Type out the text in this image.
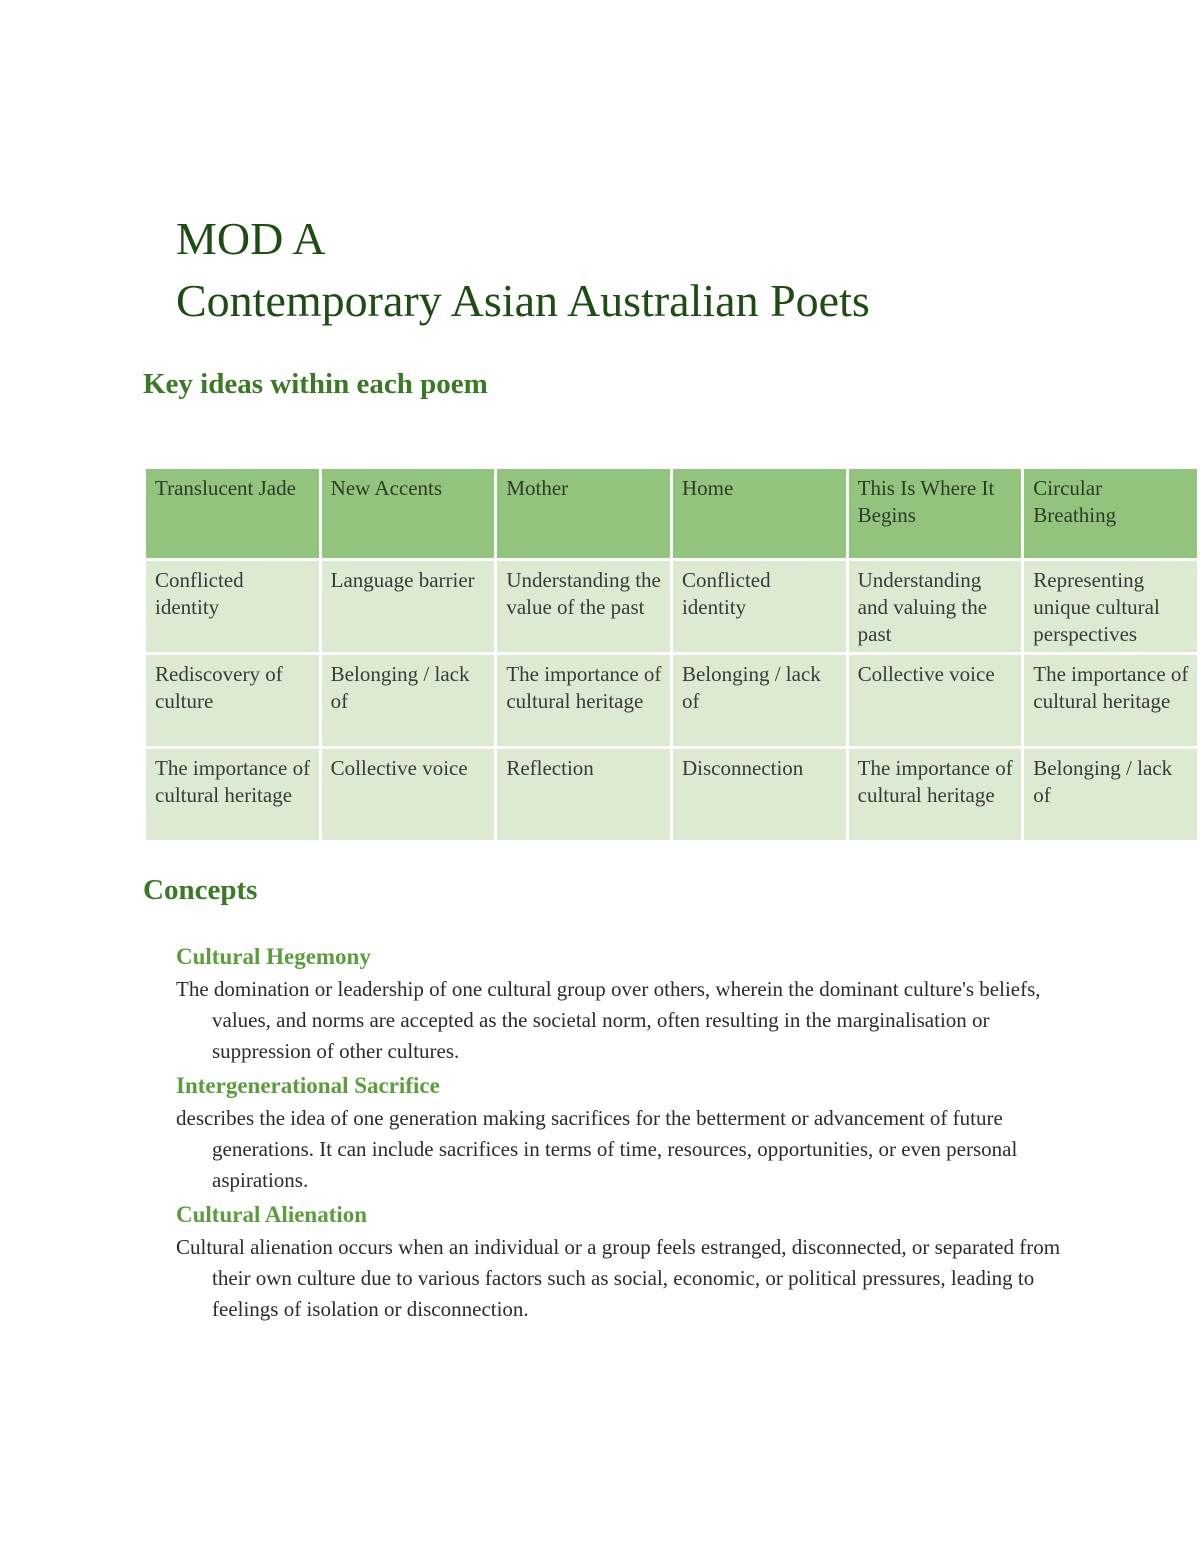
MOD A
Contemporary Asian Australian Poets
Key ideas within each poem
Translucent Jade	New Accents	Mother	Home	This Is Where It Begins	Circular Breathing
Conflicted identity	Language barrier	Understanding the value of the past	Conflicted identity	Understanding and valuing the past	Representing unique cultural perspectives
Rediscovery of culture	Belonging / lack of	The importance of cultural heritage	Belonging / lack of	Collective voice	The importance of cultural heritage
The importance of cultural heritage	Collective voice	Reflection	Disconnection	The importance of cultural heritage	Belonging / lack of
Concepts
Cultural Hegemony
The domination or leadership of one cultural group over others, wherein the dominant culture's beliefs, values, and norms are accepted as the societal norm, often resulting in the marginalisation or suppression of other cultures.
Intergenerational Sacrifice
describes the idea of one generation making sacrifices for the betterment or advancement of future generations. It can include sacrifices in terms of time, resources, opportunities, or even personal aspirations.
Cultural Alienation
Cultural alienation occurs when an individual or a group feels estranged, disconnected, or separated from their own culture due to various factors such as social, economic, or political pressures, leading to feelings of isolation or disconnection.
